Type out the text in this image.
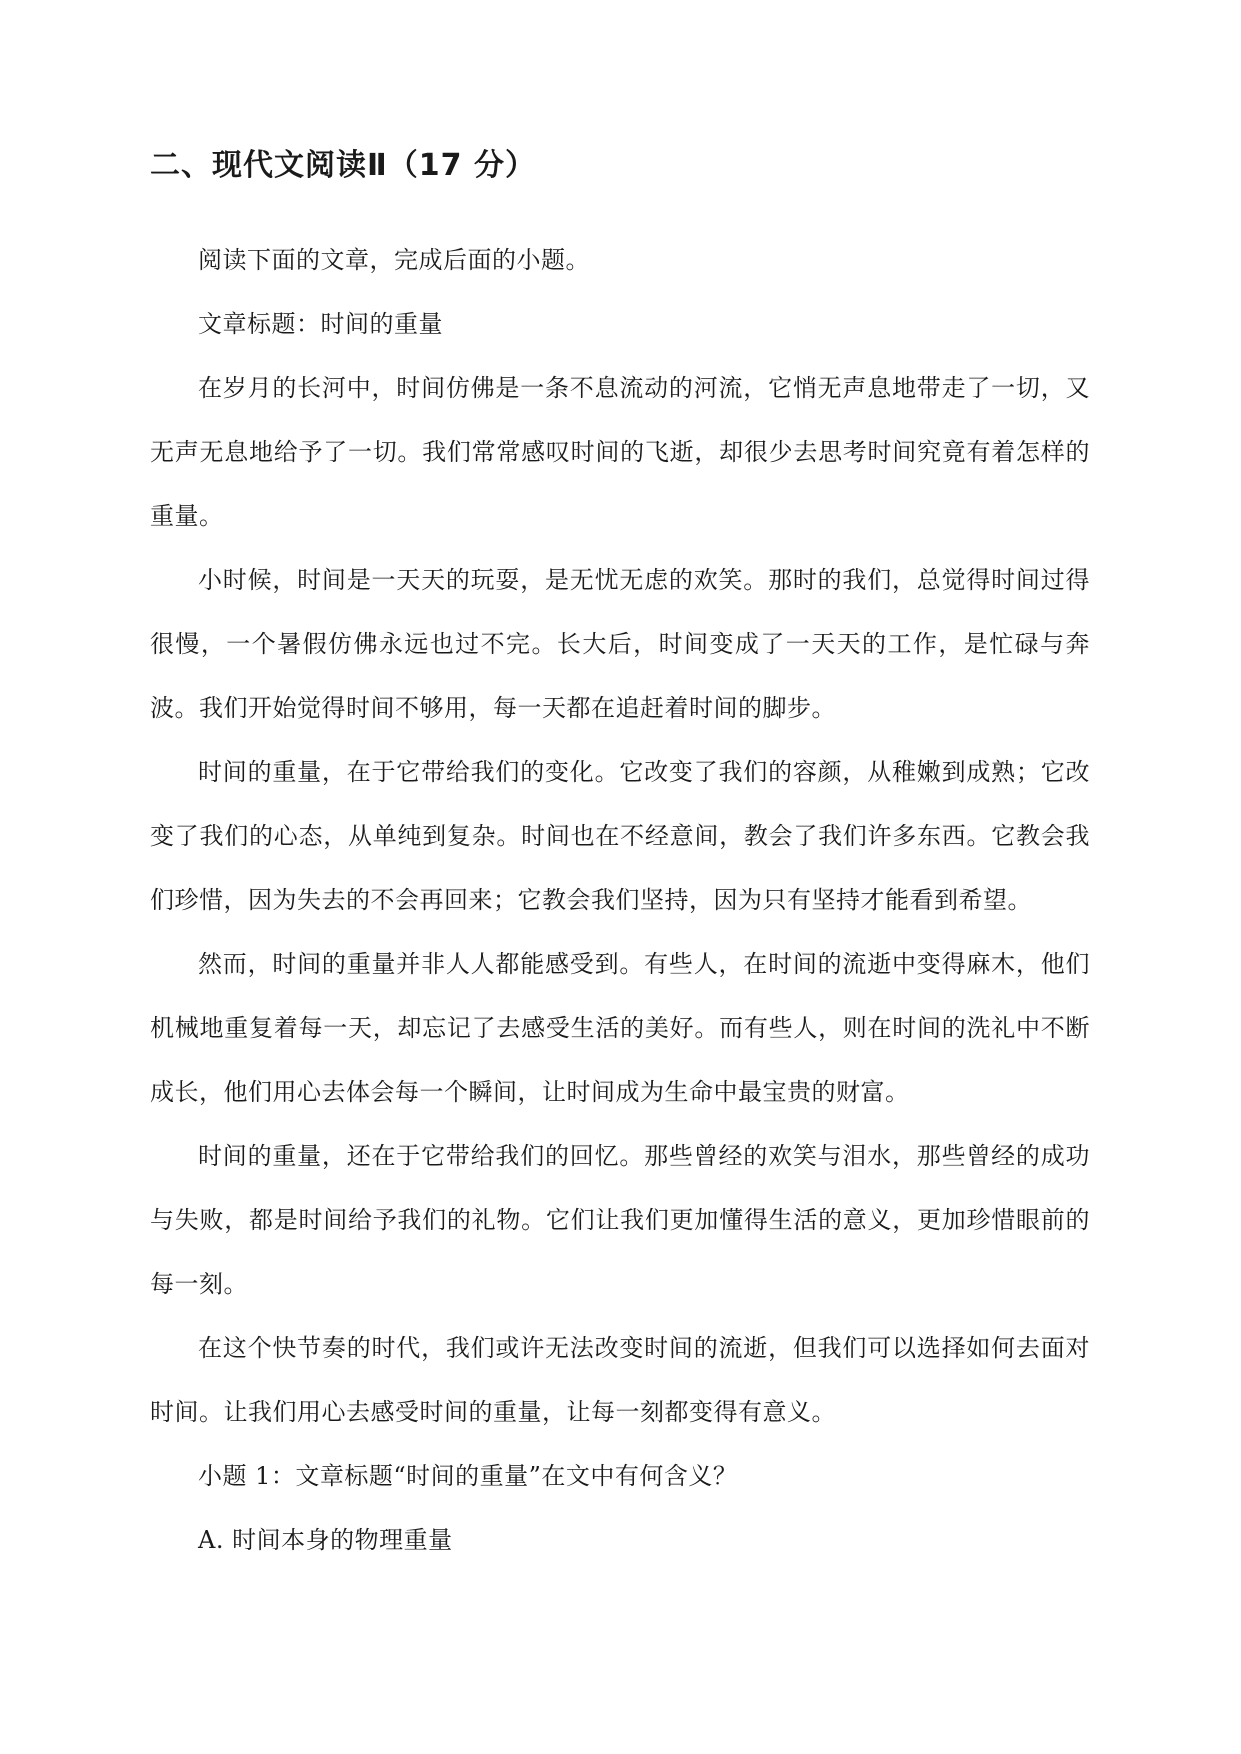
二、现代文阅读Ⅱ（17 分）

阅读下面的文章，完成后面的小题。

文章标题：时间的重量

在岁月的长河中，时间仿佛是一条不息流动的河流，它悄无声息地带走了一切，又无声无息地给予了一切。我们常常感叹时间的飞逝，却很少去思考时间究竟有着怎样的重量。

小时候，时间是一天天的玩耍，是无忧无虑的欢笑。那时的我们，总觉得时间过得很慢，一个暑假仿佛永远也过不完。长大后，时间变成了一天天的工作，是忙碌与奔波。我们开始觉得时间不够用，每一天都在追赶着时间的脚步。

时间的重量，在于它带给我们的变化。它改变了我们的容颜，从稚嫩到成熟；它改变了我们的心态，从单纯到复杂。时间也在不经意间，教会了我们许多东西。它教会我们珍惜，因为失去的不会再回来；它教会我们坚持，因为只有坚持才能看到希望。

然而，时间的重量并非人人都能感受到。有些人，在时间的流逝中变得麻木，他们机械地重复着每一天，却忘记了去感受生活的美好。而有些人，则在时间的洗礼中不断成长，他们用心去体会每一个瞬间，让时间成为生命中最宝贵的财富。

时间的重量，还在于它带给我们的回忆。那些曾经的欢笑与泪水，那些曾经的成功与失败，都是时间给予我们的礼物。它们让我们更加懂得生活的意义，更加珍惜眼前的每一刻。

在这个快节奏的时代，我们或许无法改变时间的流逝，但我们可以选择如何去面对时间。让我们用心去感受时间的重量，让每一刻都变得有意义。

小题 1：文章标题“时间的重量”在文中有何含义？

A. 时间本身的物理重量
